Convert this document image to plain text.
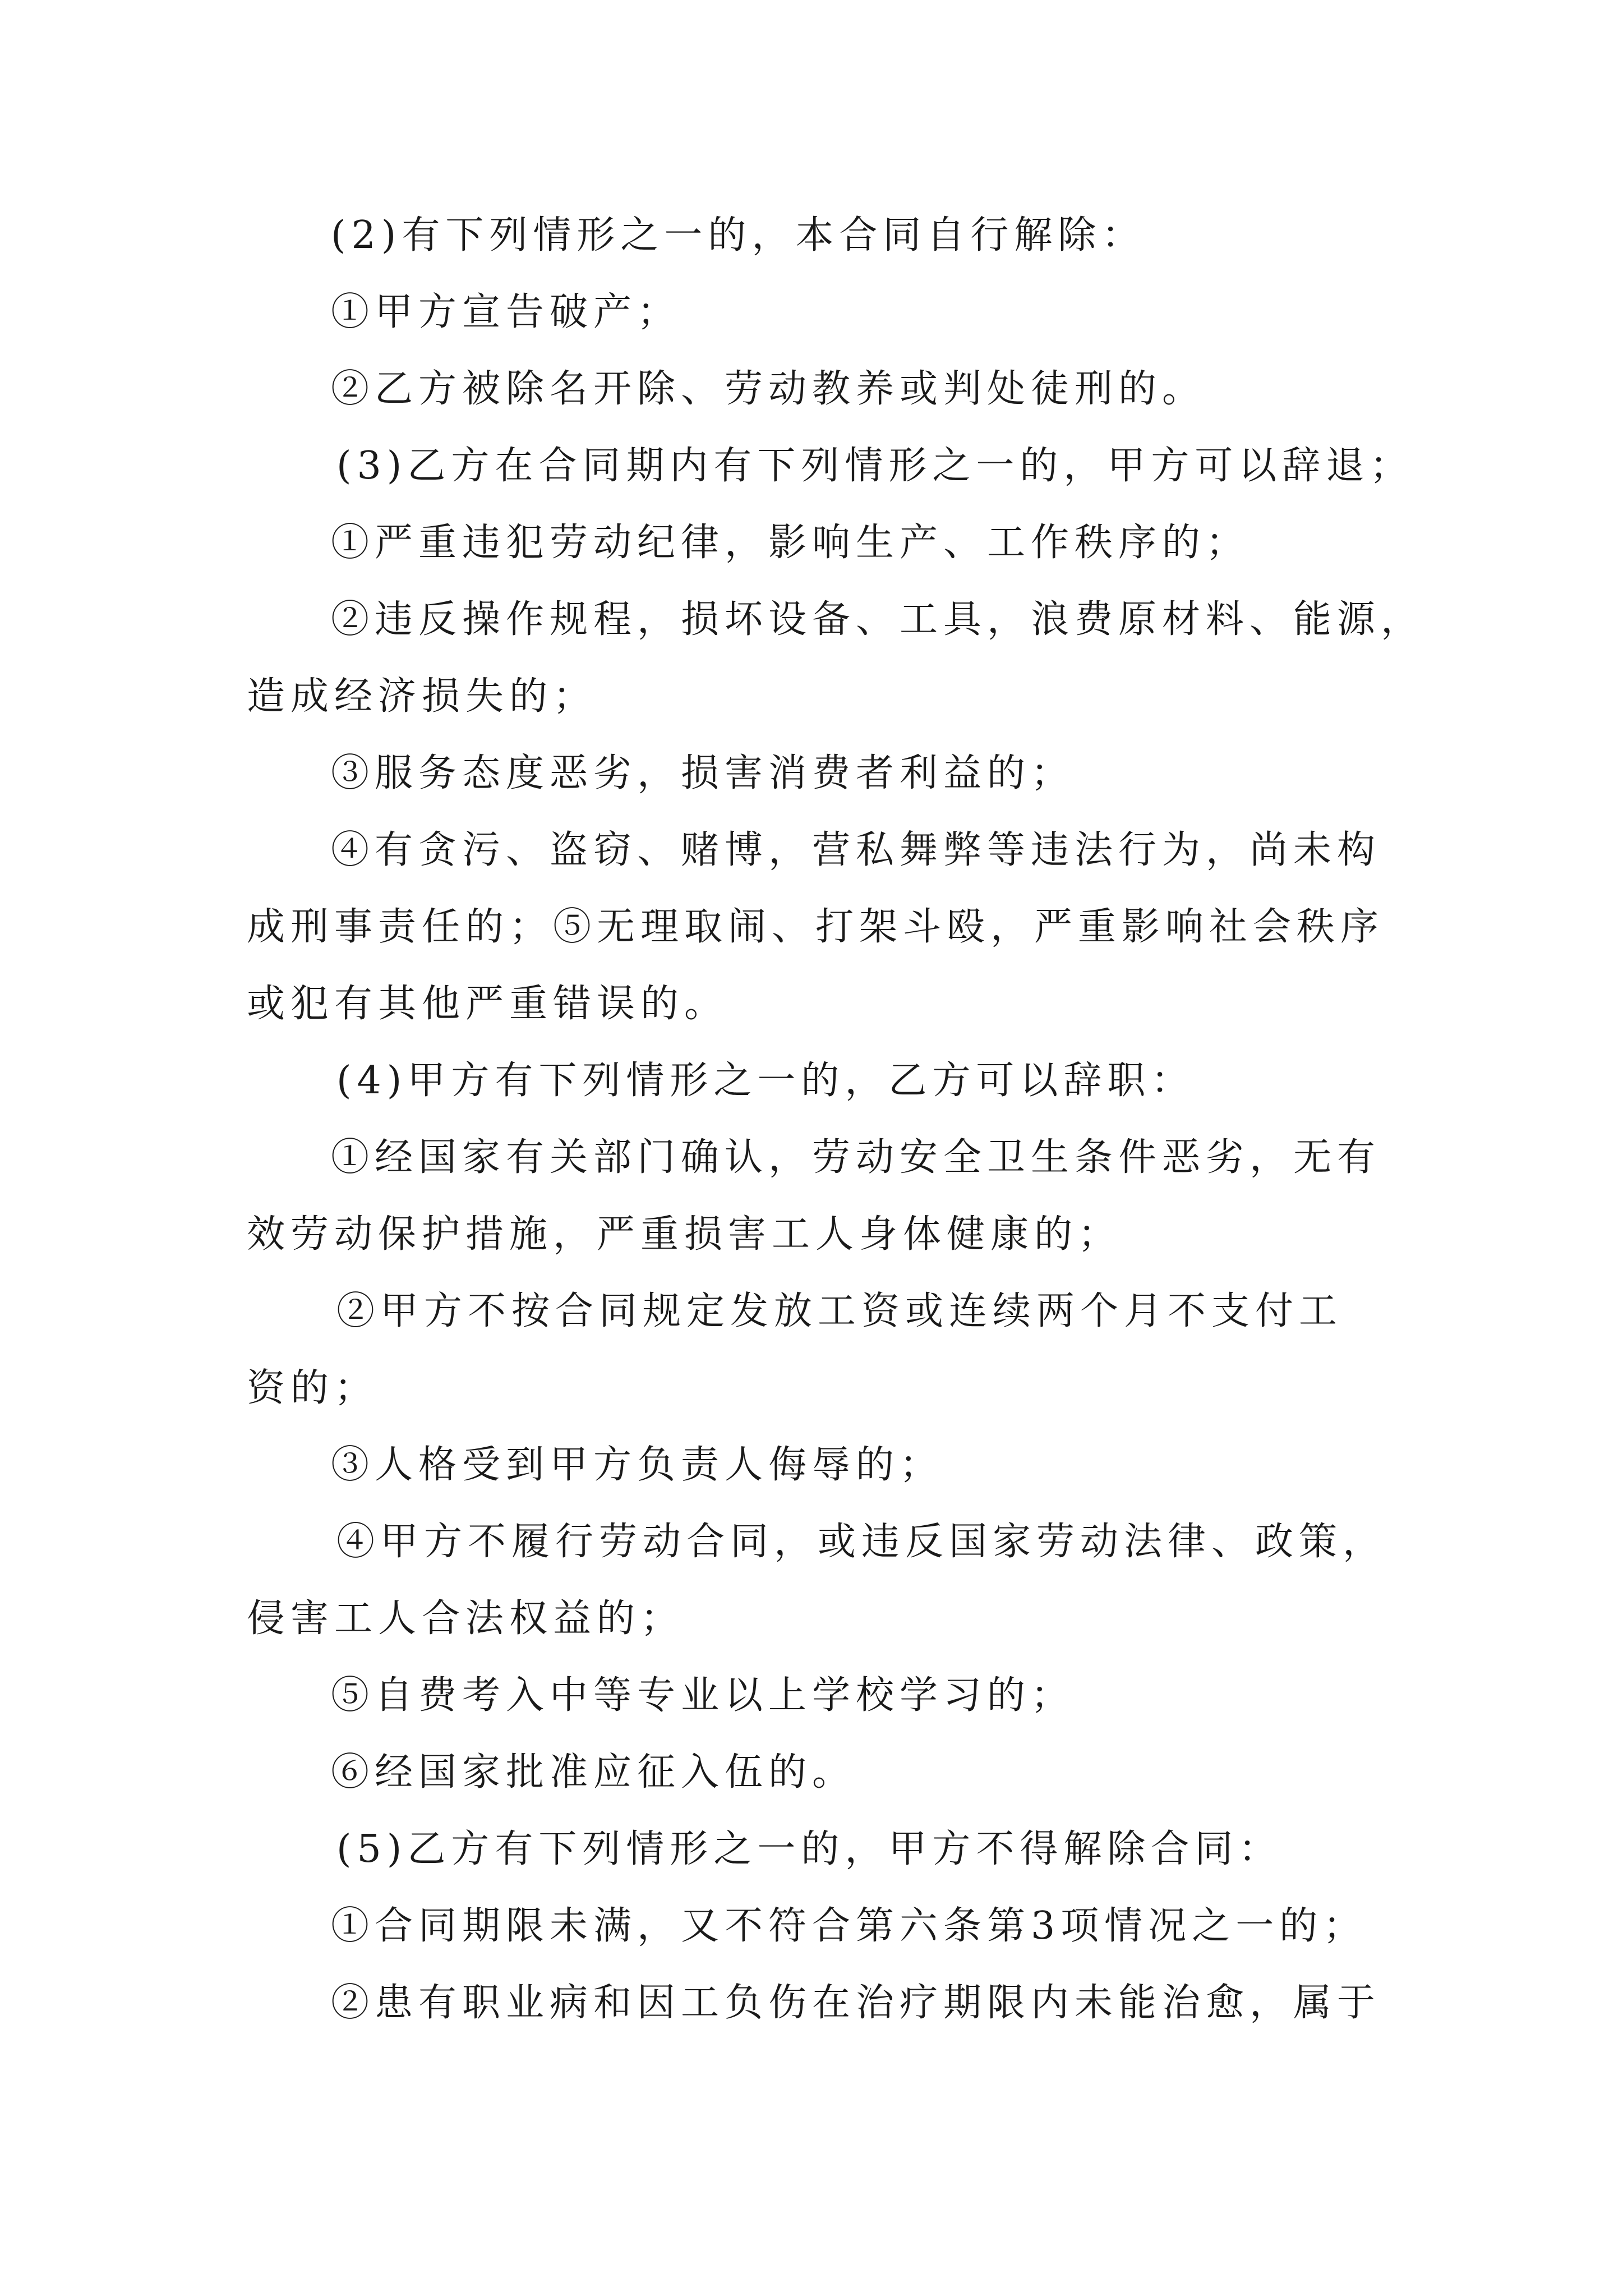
(2)有下列情形之一的，本合同自行解除：
①甲方宣告破产；
②乙方被除名开除、劳动教养或判处徒刑的。
(3)乙方在合同期内有下列情形之一的，甲方可以辞退；
①严重违犯劳动纪律，影响生产、工作秩序的；
②违反操作规程，损坏设备、工具，浪费原材料、能源，
造成经济损失的；
③服务态度恶劣，损害消费者利益的；
④有贪污、盗窃、赌博，营私舞弊等违法行为，尚未构
成刑事责任的；⑤无理取闹、打架斗殴，严重影响社会秩序
或犯有其他严重错误的。
(4)甲方有下列情形之一的，乙方可以辞职：
①经国家有关部门确认，劳动安全卫生条件恶劣，无有
效劳动保护措施，严重损害工人身体健康的；
②甲方不按合同规定发放工资或连续两个月不支付工
资的；
③人格受到甲方负责人侮辱的；
④甲方不履行劳动合同，或违反国家劳动法律、政策，
侵害工人合法权益的；
⑤自费考入中等专业以上学校学习的；
⑥经国家批准应征入伍的。
(5)乙方有下列情形之一的，甲方不得解除合同：
①合同期限未满，又不符合第六条第3项情况之一的；
②患有职业病和因工负伤在治疗期限内未能治愈，属于
